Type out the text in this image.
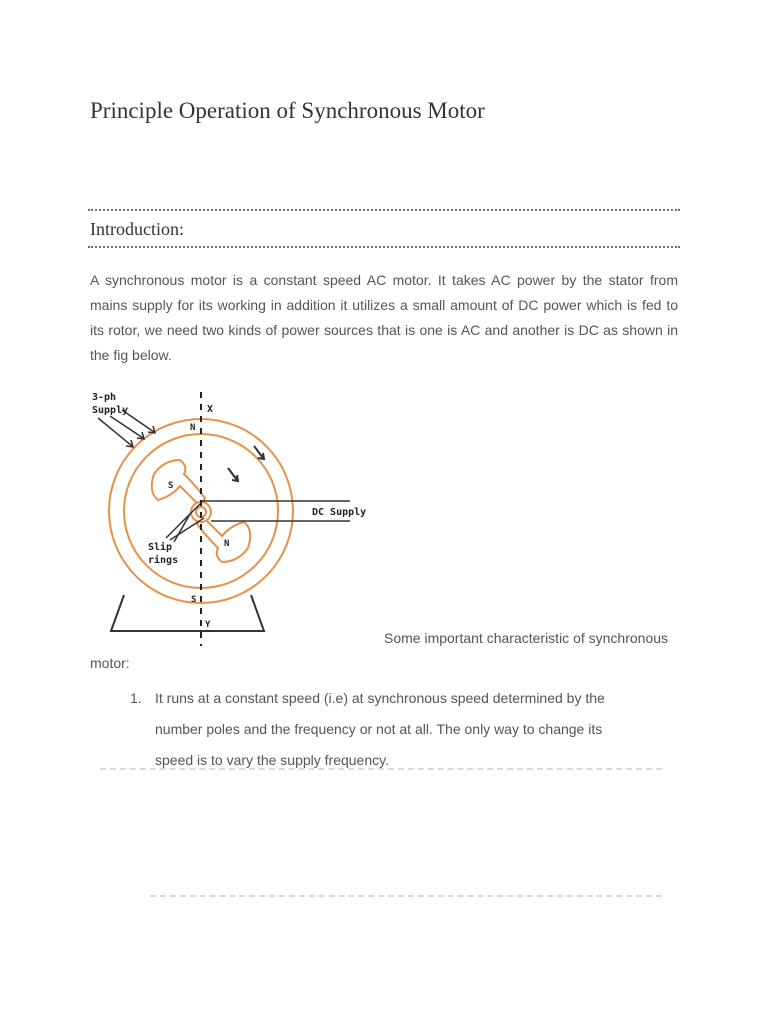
Principle Operation of Synchronous Motor
Introduction:

A synchronous motor is a constant speed AC motor. It takes AC power by the stator from mains supply for its working in addition it utilizes a small amount of DC power which is fed to its rotor, we need two kinds of power sources that is one is AC and another is DC as shown in the fig below.

3-ph
Supply	X
N
S
N
DC Supply
Slip
rings
S
Y
Some important characteristic of synchronous
motor:
1. It runs at a constant speed (i.e) at synchronous speed determined by the number poles and the frequency or not at all. The only way to change its speed is to vary the supply frequency.
